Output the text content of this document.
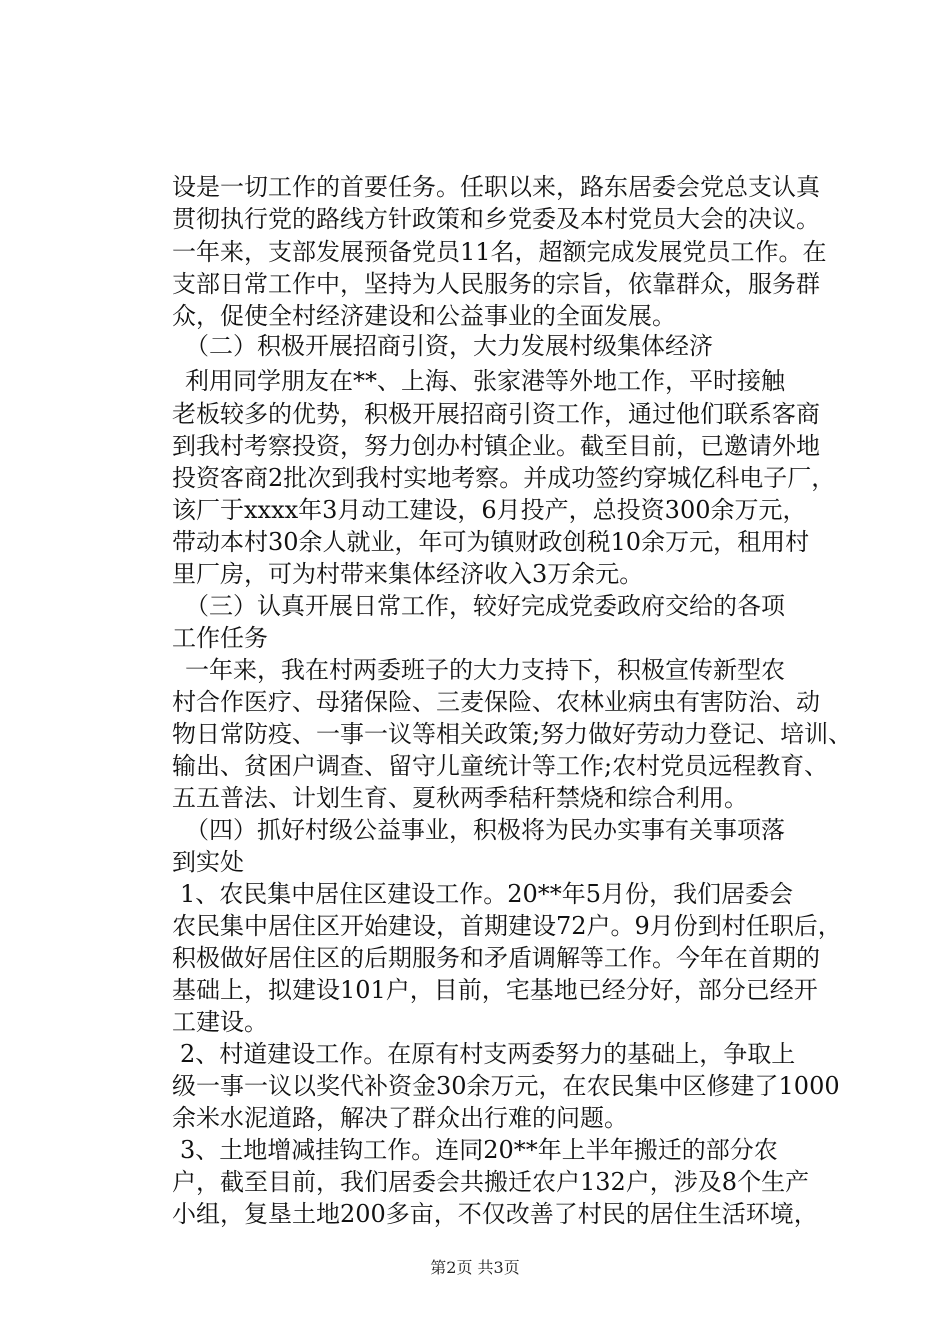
设是一切工作的首要任务。任职以来，路东居委会党总支认真
贯彻执行党的路线方针政策和乡党委及本村党员大会的决议。
一年来，支部发展预备党员11名，超额完成发展党员工作。在
支部日常工作中，坚持为人民服务的宗旨，依靠群众，服务群
众，促使全村经济建设和公益事业的全面发展。
（二）积极开展招商引资，大力发展村级集体经济
利用同学朋友在**、上海、张家港等外地工作，平时接触
老板较多的优势，积极开展招商引资工作，通过他们联系客商
到我村考察投资，努力创办村镇企业。截至目前，已邀请外地
投资客商2批次到我村实地考察。并成功签约穿城亿科电子厂，
该厂于xxxx年3月动工建设，6月投产，总投资300余万元，
带动本村30余人就业，年可为镇财政创税10余万元，租用村
里厂房，可为村带来集体经济收入3万余元。
（三）认真开展日常工作，较好完成党委政府交给的各项
工作任务
一年来，我在村两委班子的大力支持下，积极宣传新型农
村合作医疗、母猪保险、三麦保险、农林业病虫有害防治、动
物日常防疫、一事一议等相关政策;努力做好劳动力登记、培训、
输出、贫困户调查、留守儿童统计等工作;农村党员远程教育、
五五普法、计划生育、夏秋两季秸秆禁烧和综合利用。
（四）抓好村级公益事业，积极将为民办实事有关事项落
到实处
1、农民集中居住区建设工作。20**年5月份，我们居委会
农民集中居住区开始建设，首期建设72户。9月份到村任职后，
积极做好居住区的后期服务和矛盾调解等工作。今年在首期的
基础上，拟建设101户，目前，宅基地已经分好，部分已经开
工建设。
2、村道建设工作。在原有村支两委努力的基础上，争取上
级一事一议以奖代补资金30余万元，在农民集中区修建了1000
余米水泥道路，解决了群众出行难的问题。
3、土地增减挂钩工作。连同20**年上半年搬迁的部分农
户，截至目前，我们居委会共搬迁农户132户，涉及8个生产
小组，复垦土地200多亩，不仅改善了村民的居住生活环境，
第2页 共3页
